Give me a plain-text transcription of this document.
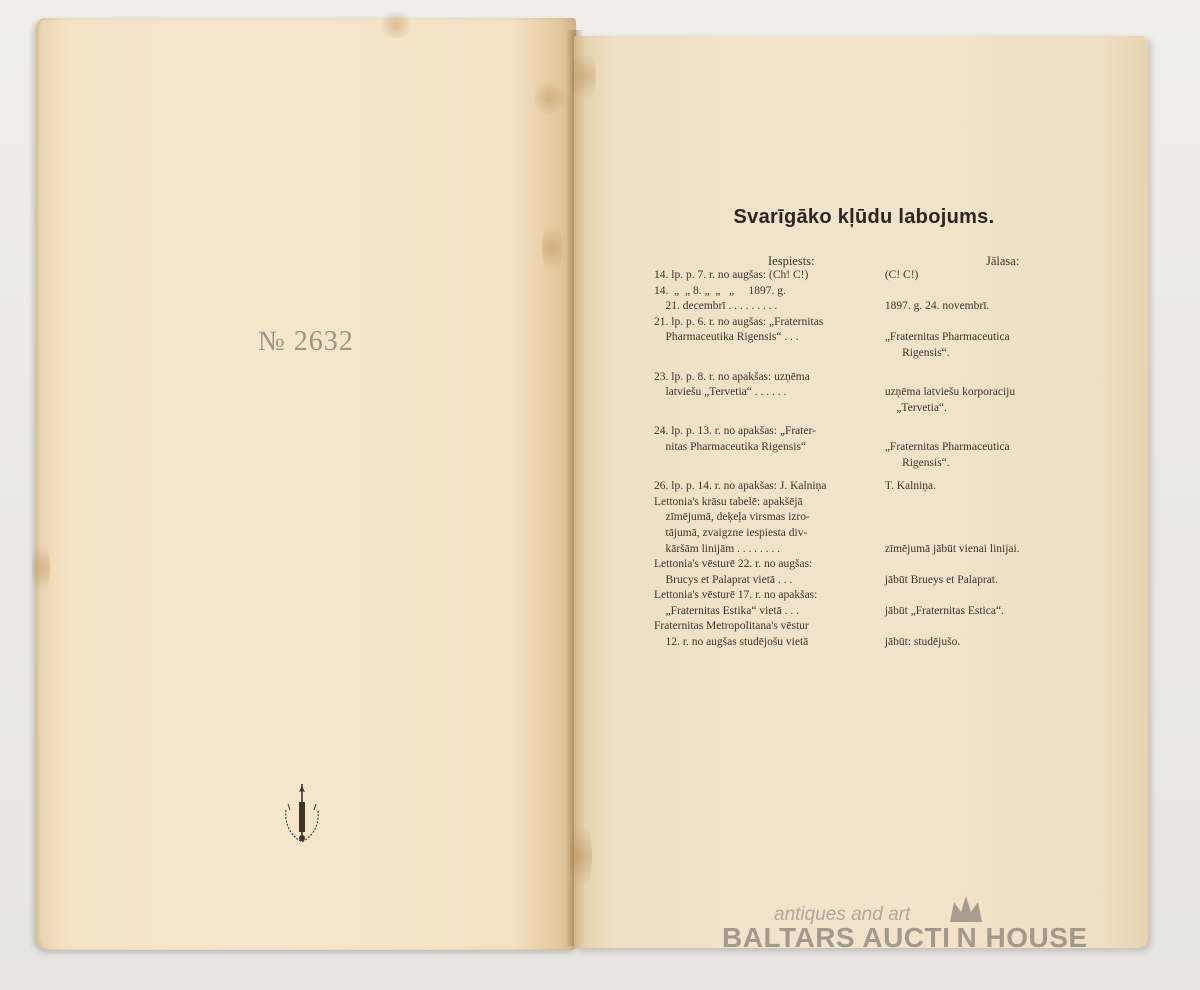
№ 2632
Svarīgāko kļūdu labojums.
Iespiests:	Jālasa:
14. lp. p. 7. r. no augšas: (Ch! C!)	(C! C!)
14.  „  „ 8. „  „   „     1897. g.
21. decembrī . . . . . . . . .	1897. g. 24. novembrī.
21. lp. p. 6. r. no augšas: „Fraternitas
Pharmaceutika Rigensis“ . . .	„Fraternitas Pharmaceutica
Rigensis“.
23. lp. p. 8. r. no apakšas: uzņēma
latviešu „Tervetia“ . . . . . .	uzņēma latviešu korporaciju
„Tervetia“.
24. lp. p. 13. r. no apakšas: „Frater-
nitas Pharmaceutika Rigensis“	„Fraternitas Pharmaceutica
Rigensis“.
26. lp. p. 14. r. no apakšas: J. Kalniņa	T. Kalniņa.
Lettonia's krāsu tabelē: apakšējā
zīmējumā, deķeļa virsmas izro-
tājumā, zvaigzne iespiesta div-
kāršām linijām . . . . . . . .	zīmējumā jābūt vienai linijai.
Lettonia's vēsturē 22. r. no augšas:
Brucys et Palaprat vietā . . .	jābūt Brueys et Palaprat.
Lettonia's vēsturē 17. r. no apakšas:
„Fraternitas Estika“ vietā . . .	jābūt „Fraternitas Estica“.
Fraternitas Metropolitana's vēstur
12. r. no augšas studējošu vietā	jābūt: studējušo.
antiques and art
BALTARS AUCTI N HOUSE
